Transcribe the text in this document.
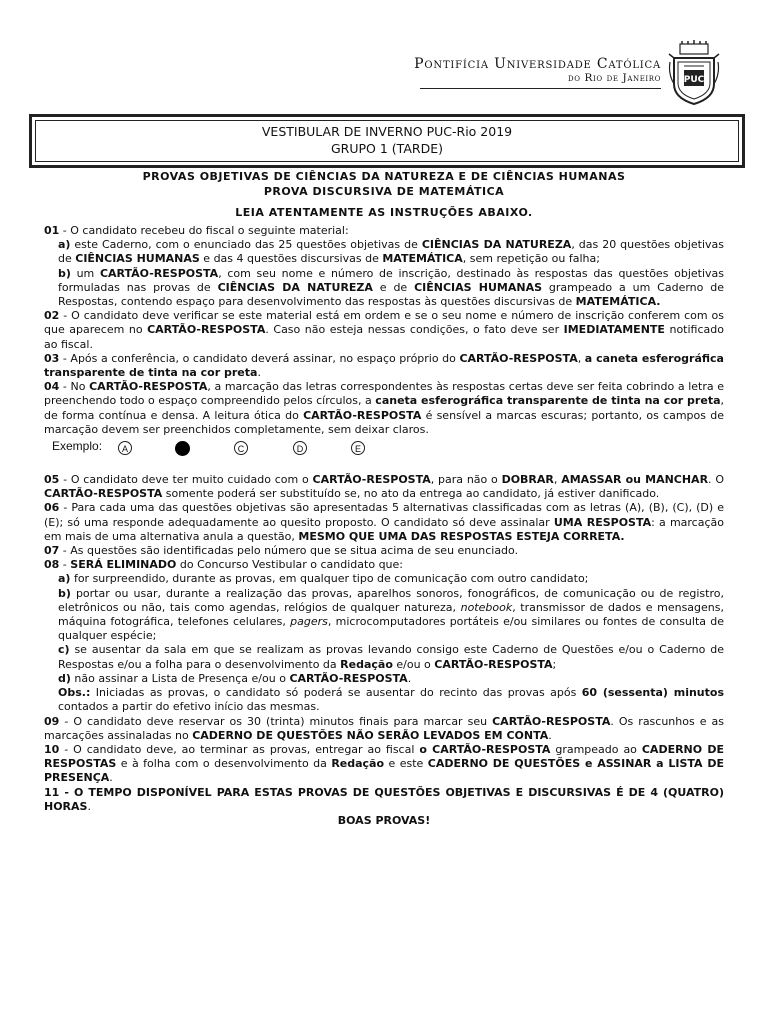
Pontifícia Universidade Católica
do Rio de Janeiro	PUC
VESTIBULAR DE INVERNO PUC-Rio 2019
GRUPO 1 (TARDE)
PROVAS OBJETIVAS DE CIÊNCIAS DA NATUREZA E DE CIÊNCIAS HUMANAS
PROVA DISCURSIVA DE MATEMÁTICA
LEIA ATENTAMENTE AS INSTRUÇÕES ABAIXO.

01 - O candidato recebeu do fiscal o seguinte material:

a) este Caderno, com o enunciado das 25 questões objetivas de CIÊNCIAS DA NATUREZA, das 20 questões objetivas de CIÊNCIAS HUMANAS e das 4 questões discursivas de MATEMÁTICA, sem repetição ou falha;

b) um CARTÃO-RESPOSTA, com seu nome e número de inscrição, destinado às respostas das questões objetivas formuladas nas provas de CIÊNCIAS DA NATUREZA e de CIÊNCIAS HUMANAS grampeado a um Caderno de Respostas, contendo espaço para desenvolvimento das respostas às questões discursivas de MATEMÁTICA.

02 - O candidato deve verificar se este material está em ordem e se o seu nome e número de inscrição conferem com os que aparecem no CARTÃO-RESPOSTA. Caso não esteja nessas condições, o fato deve ser IMEDIATAMENTE notificado ao fiscal.

03 - Após a conferência, o candidato deverá assinar, no espaço próprio do CARTÃO-RESPOSTA, a caneta esferográfica transparente de tinta na cor preta.

04 - No CARTÃO-RESPOSTA, a marcação das letras correspondentes às respostas certas deve ser feita cobrindo a letra e preenchendo todo o espaço compreendido pelos círculos, a caneta esferográfica transparente de tinta na cor preta, de forma contínua e densa. A leitura ótica do CARTÃO-RESPOSTA é sensível a marcas escuras; portanto, os campos de marcação devem ser preenchidos completamente, sem deixar claros.

Exemplo:	A	C	D	E

05 - O candidato deve ter muito cuidado com o CARTÃO-RESPOSTA, para não o DOBRAR, AMASSAR ou MANCHAR. O CARTÃO-RESPOSTA somente poderá ser substituído se, no ato da entrega ao candidato, já estiver danificado.

06 - Para cada uma das questões objetivas são apresentadas 5 alternativas classificadas com as letras (A), (B), (C), (D) e (E); só uma responde adequadamente ao quesito proposto. O candidato só deve assinalar UMA RESPOSTA: a marcação em mais de uma alternativa anula a questão, MESMO QUE UMA DAS RESPOSTAS ESTEJA CORRETA.

07 - As questões são identificadas pelo número que se situa acima de seu enunciado.

08 - SERÁ ELIMINADO do Concurso Vestibular o candidato que:

a) for surpreendido, durante as provas, em qualquer tipo de comunicação com outro candidato;

b) portar ou usar, durante a realização das provas, aparelhos sonoros, fonográficos, de comunicação ou de registro, eletrônicos ou não, tais como agendas, relógios de qualquer natureza, notebook, transmissor de dados e mensagens, máquina fotográfica, telefones celulares, pagers, microcomputadores portáteis e/ou similares ou fontes de consulta de qualquer espécie;

c) se ausentar da sala em que se realizam as provas levando consigo este Caderno de Questões e/ou o Caderno de Respostas e/ou a folha para o desenvolvimento da Redação e/ou o CARTÃO-RESPOSTA;

d) não assinar a Lista de Presença e/ou o CARTÃO-RESPOSTA.

Obs.: Iniciadas as provas, o candidato só poderá se ausentar do recinto das provas após 60 (sessenta) minutos contados a partir do efetivo início das mesmas.

09 - O candidato deve reservar os 30 (trinta) minutos finais para marcar seu CARTÃO-RESPOSTA. Os rascunhos e as marcações assinaladas no CADERNO DE QUESTÕES NÃO SERÃO LEVADOS EM CONTA.

10 - O candidato deve, ao terminar as provas, entregar ao fiscal o CARTÃO-RESPOSTA grampeado ao CADERNO DE RESPOSTAS e à folha com o desenvolvimento da Redação e este CADERNO DE QUESTÕES e ASSINAR a LISTA DE PRESENÇA.

11 - O TEMPO DISPONÍVEL PARA ESTAS PROVAS DE QUESTÕES OBJETIVAS E DISCURSIVAS É DE 4 (QUATRO) HORAS.

BOAS PROVAS!
